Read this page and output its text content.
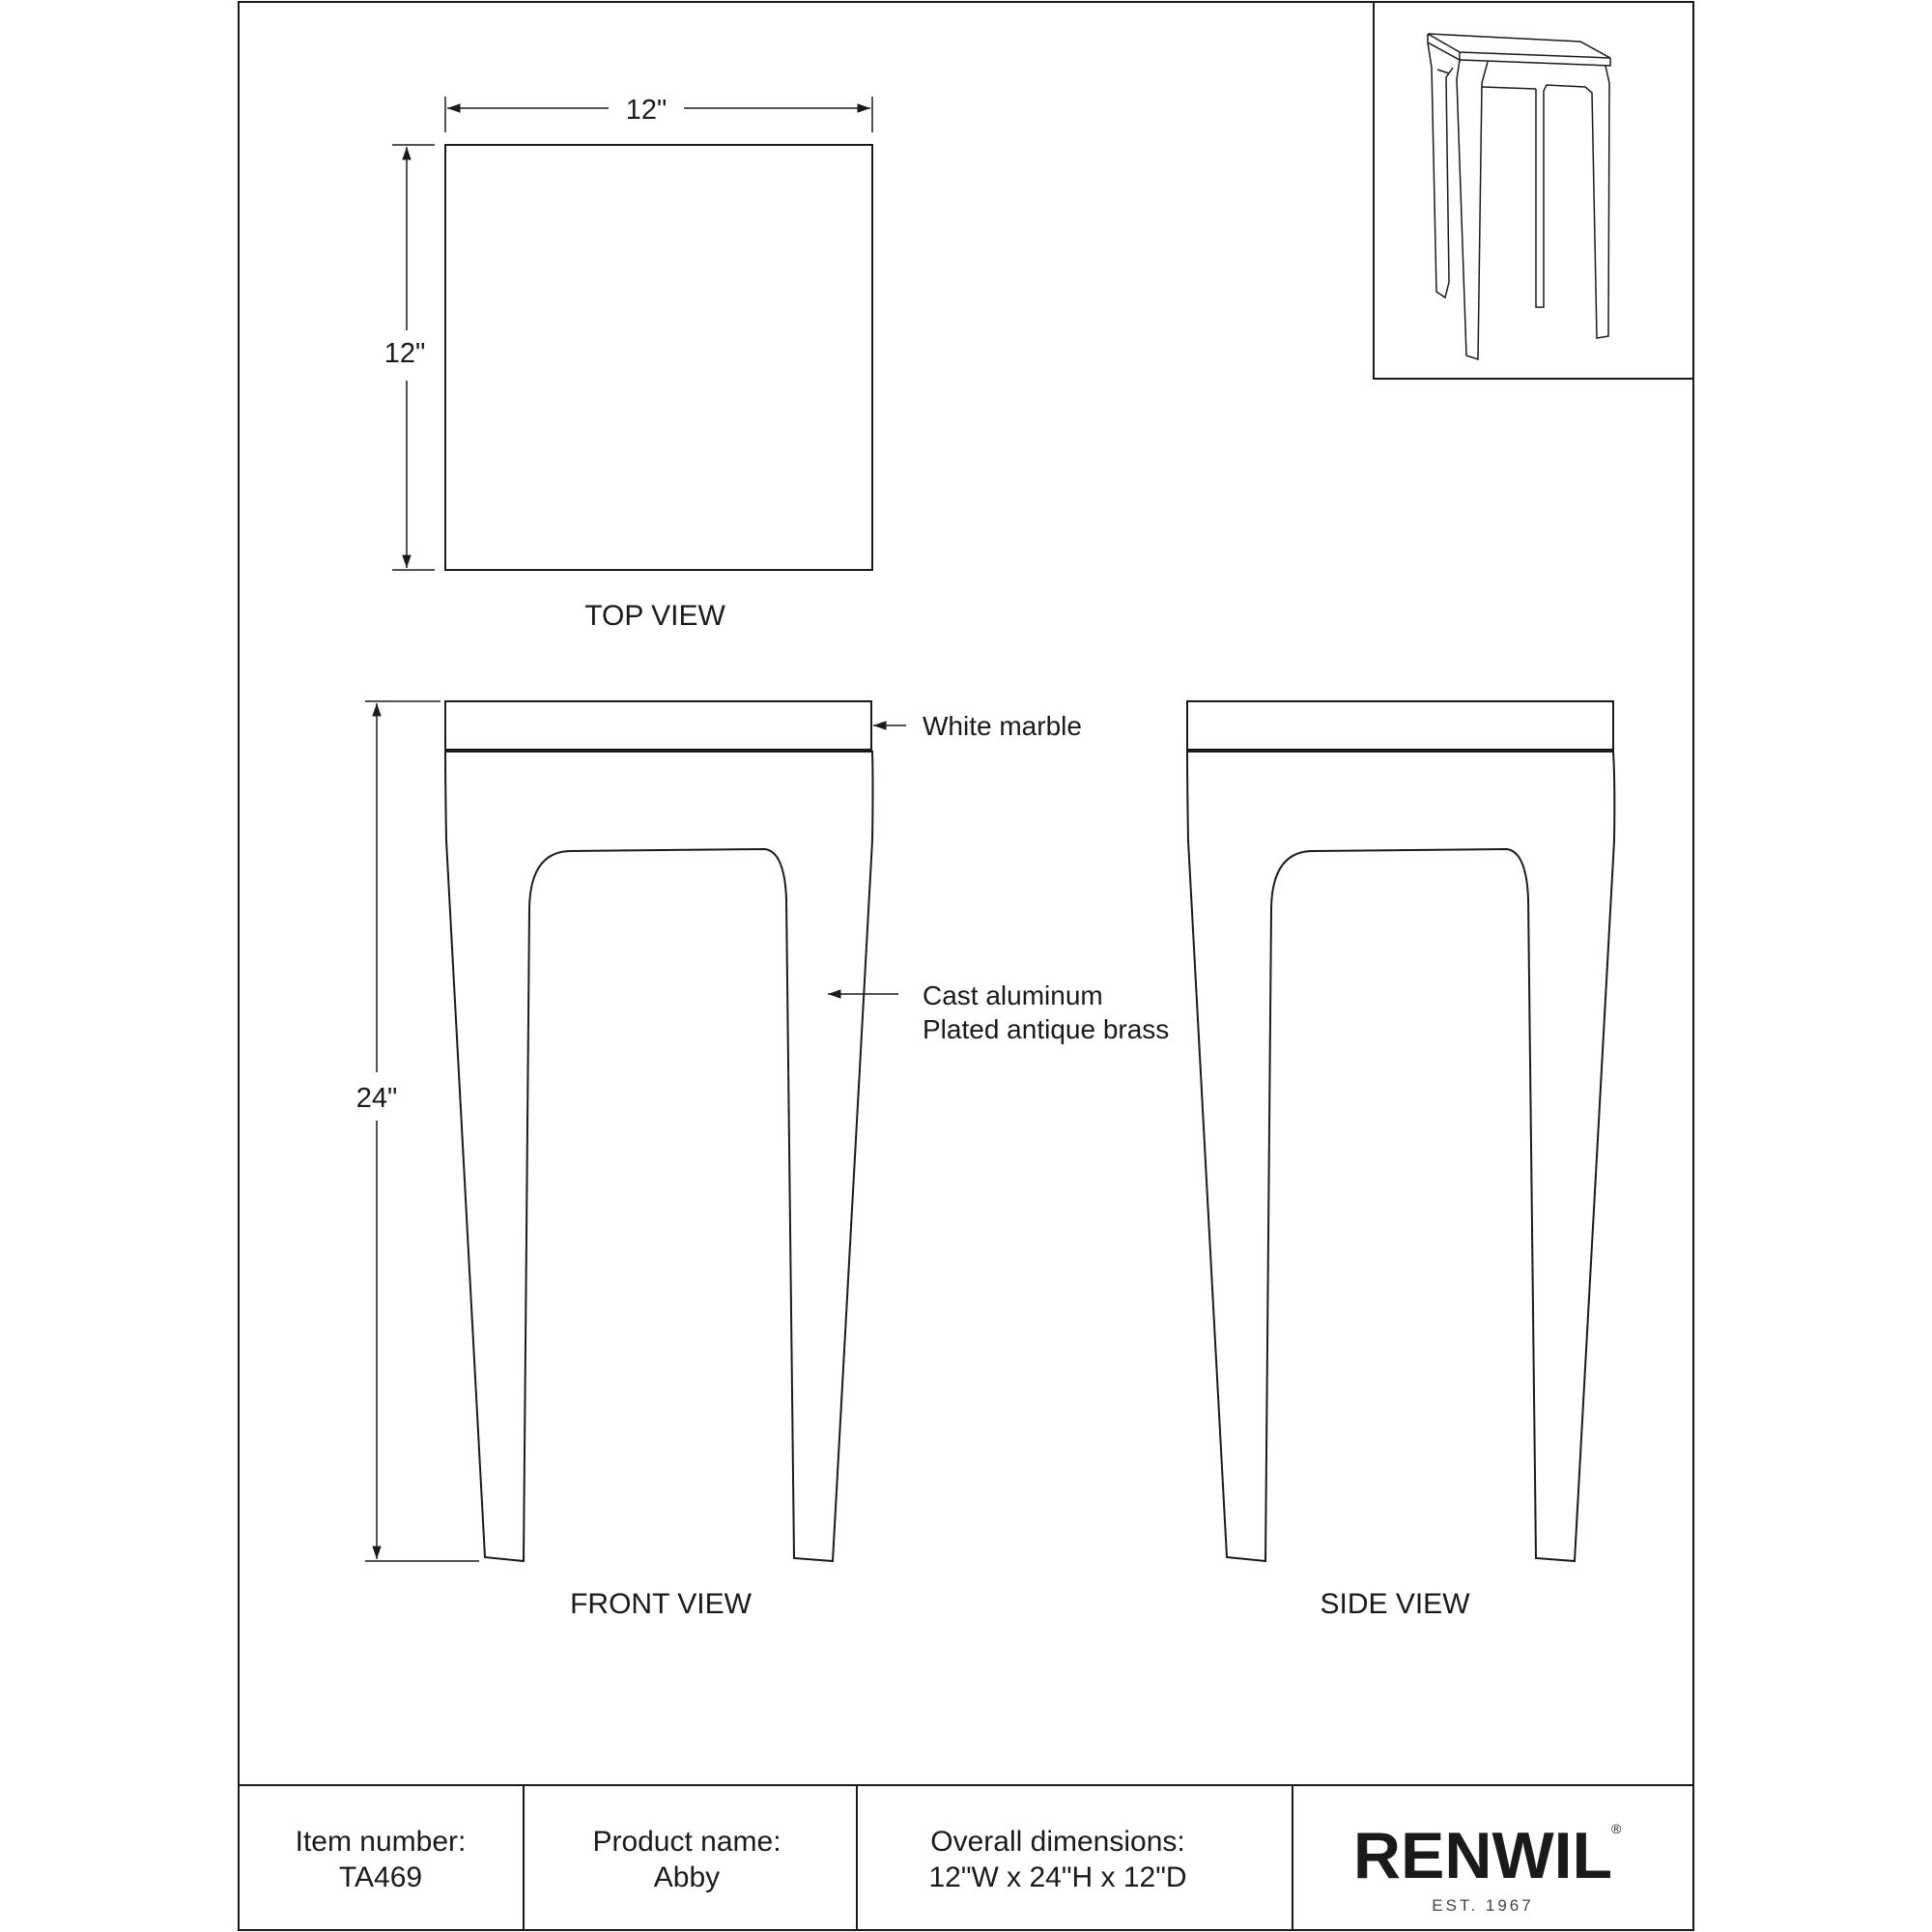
12"
12"
TOP VIEW
24"
White marble
Cast aluminum
Plated antique brass
FRONT VIEW	SIDE VIEW
Item number:
TA469
Product name:
Abby
Overall dimensions:
12"W x 24"H x 12"D	RENWIL
®
EST. 1967
